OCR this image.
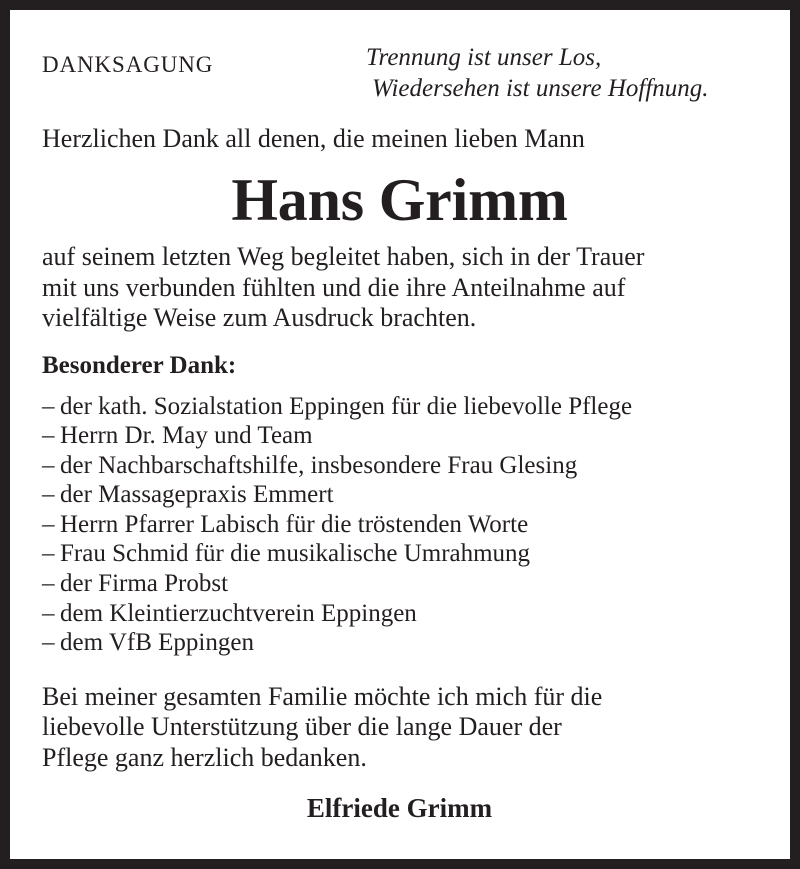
DANKSAGUNG	Trennung ist unser Los,
Wiedersehen ist unsere Hoffnung.
Herzlichen Dank all denen, die meinen lieben Mann
Hans Grimm
auf seinem letzten Weg begleitet haben, sich in der Trauer
mit uns verbunden fühlten und die ihre Anteilnahme auf
vielfältige Weise zum Ausdruck brachten.
Besonderer Dank:
– der kath. Sozialstation Eppingen für die liebevolle Pflege
– Herrn Dr. May und Team
– der Nachbarschaftshilfe, insbesondere Frau Glesing
– der Massagepraxis Emmert
– Herrn Pfarrer Labisch für die tröstenden Worte
– Frau Schmid für die musikalische Umrahmung
– der Firma Probst
– dem Kleintierzuchtverein Eppingen
– dem VfB Eppingen
Bei meiner gesamten Familie möchte ich mich für die
liebevolle Unterstützung über die lange Dauer der
Pflege ganz herzlich bedanken.
Elfriede Grimm
